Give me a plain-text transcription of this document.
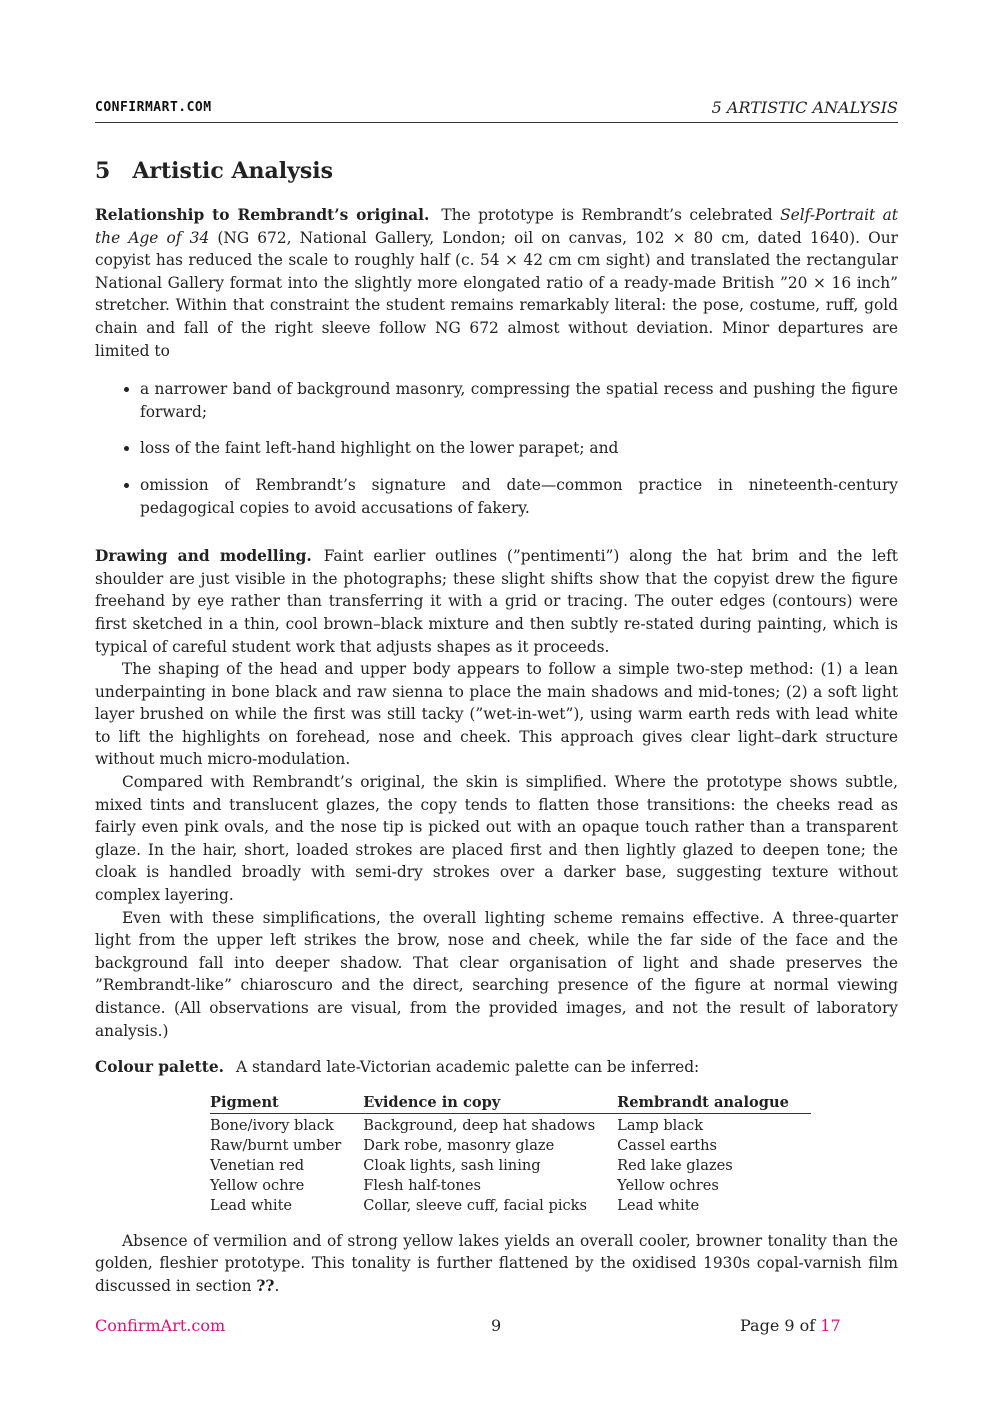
CONFIRMART.COM	5 ARTISTIC ANALYSIS
5 Artistic Analysis

Relationship to Rembrandt’s original. The prototype is Rembrandt’s celebrated Self-Portrait at the Age of 34 (NG 672, National Gallery, London; oil on canvas, 102 × 80 cm, dated 1640). Our copyist has reduced the scale to roughly half (c. 54 × 42 cm cm sight) and translated the rectangular National Gallery format into the slightly more elongated ratio of a ready-made British ”20 × 16 inch” stretcher. Within that constraint the student remains remarkably literal: the pose, costume, ruff, gold chain and fall of the right sleeve follow NG 672 almost without deviation. Minor departures are limited to

• a narrower band of background masonry, compressing the spatial recess and pushing the figure forward;
• loss of the faint left-hand highlight on the lower parapet; and
• omission of Rembrandt’s signature and date—common practice in nineteenth-century pedagogical copies to avoid accusations of fakery.

Drawing and modelling. Faint earlier outlines (”pentimenti”) along the hat brim and the left shoulder are just visible in the photographs; these slight shifts show that the copyist drew the figure freehand by eye rather than transferring it with a grid or tracing. The outer edges (contours) were first sketched in a thin, cool brown–black mixture and then subtly re-stated during painting, which is typical of careful student work that adjusts shapes as it proceeds.

The shaping of the head and upper body appears to follow a simple two-step method: (1) a lean underpainting in bone black and raw sienna to place the main shadows and mid-tones; (2) a soft light layer brushed on while the first was still tacky (”wet-in-wet”), using warm earth reds with lead white to lift the highlights on forehead, nose and cheek. This approach gives clear light–dark structure without much micro-modulation.

Compared with Rembrandt’s original, the skin is simplified. Where the prototype shows subtle, mixed tints and translucent glazes, the copy tends to flatten those transitions: the cheeks read as fairly even pink ovals, and the nose tip is picked out with an opaque touch rather than a transparent glaze. In the hair, short, loaded strokes are placed first and then lightly glazed to deepen tone; the cloak is handled broadly with semi-dry strokes over a darker base, suggesting texture without complex layering.

Even with these simplifications, the overall lighting scheme remains effective. A three-quarter light from the upper left strikes the brow, nose and cheek, while the far side of the face and the background fall into deeper shadow. That clear organisation of light and shade preserves the ”Rembrandt-like” chiaroscuro and the direct, searching presence of the figure at normal viewing distance. (All observations are visual, from the provided images, and not the result of laboratory analysis.)

Colour palette. A standard late-Victorian academic palette can be inferred:

Pigment	Evidence in copy	Rembrandt analogue
Bone/ivory black	Background, deep hat shadows	Lamp black
Raw/burnt umber	Dark robe, masonry glaze	Cassel earths
Venetian red	Cloak lights, sash lining	Red lake glazes
Yellow ochre	Flesh half-tones	Yellow ochres
Lead white	Collar, sleeve cuff, facial picks	Lead white

Absence of vermilion and of strong yellow lakes yields an overall cooler, browner tonality than the golden, fleshier prototype. This tonality is further flattened by the oxidised 1930s copal-varnish film discussed in section ??.

ConfirmArt.com	9	Page 9 of 17
